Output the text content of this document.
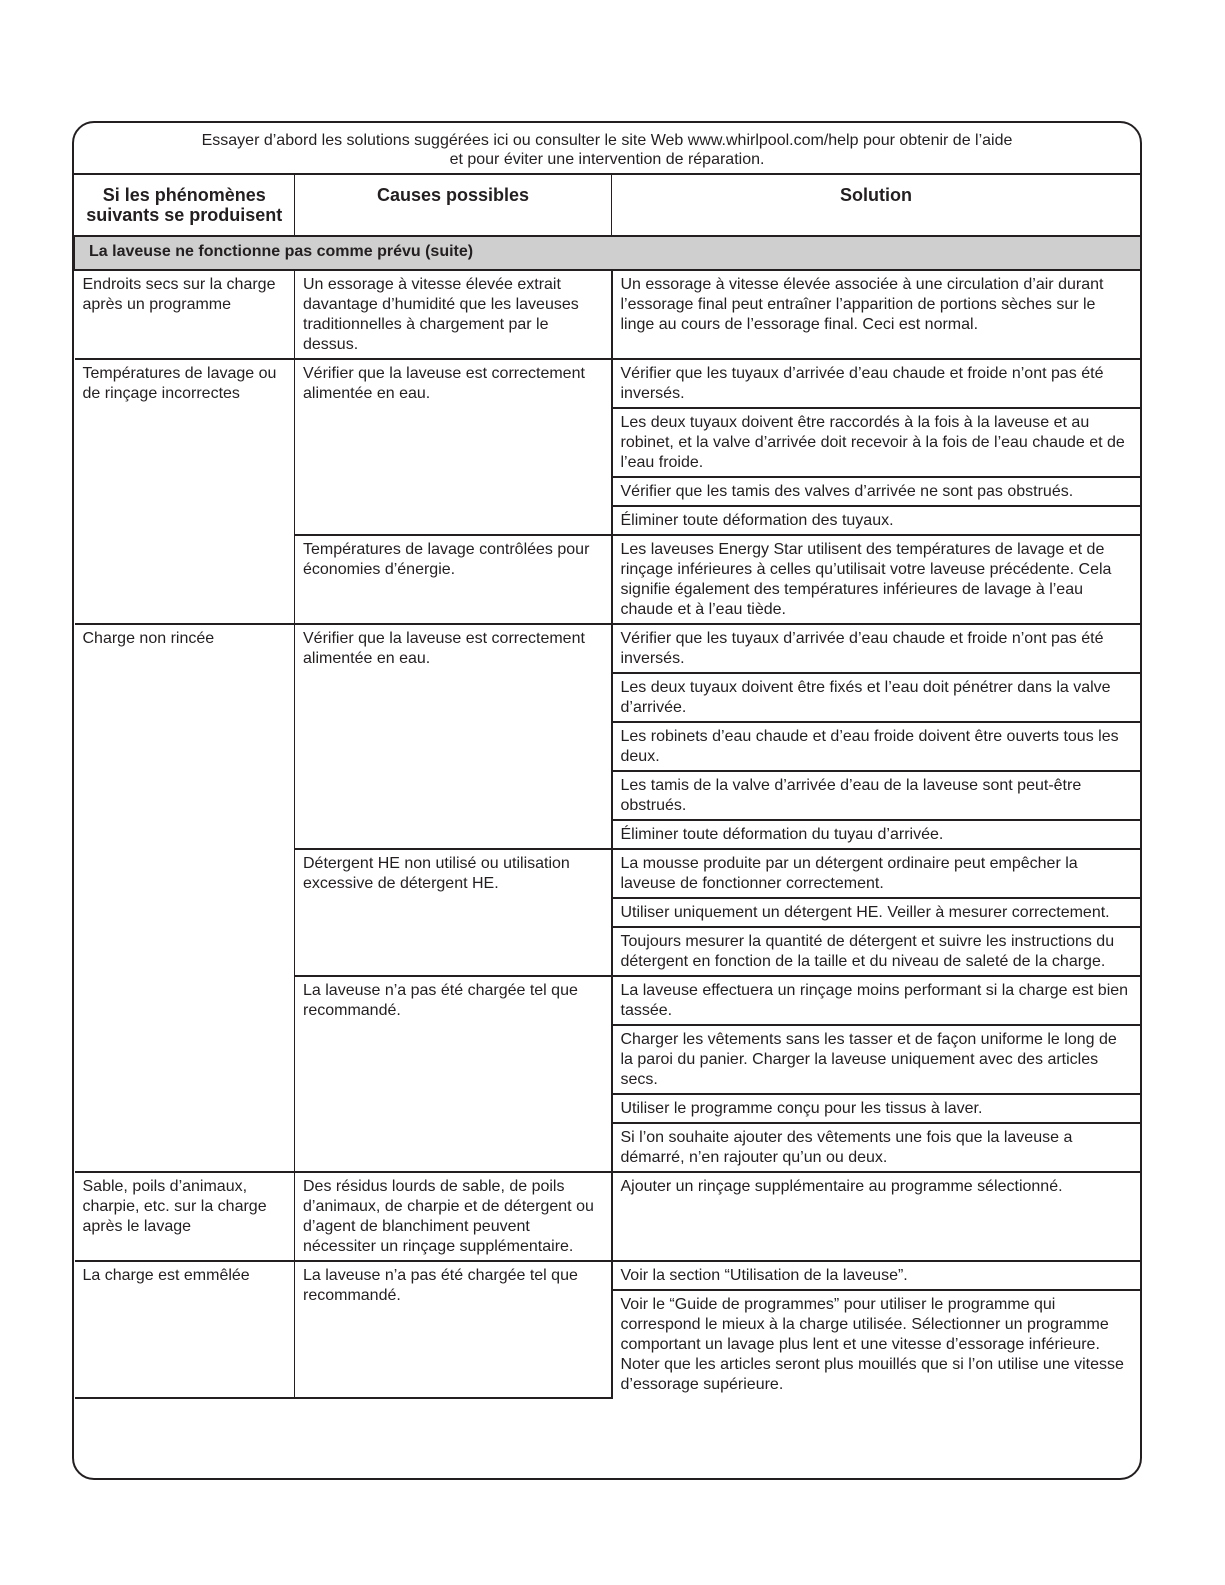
Essayer d’abord les solutions suggérées ici ou consulter le site Web www.whirlpool.com/help pour obtenir de l’aide
et pour éviter une intervention de réparation.
Si les phénomènes
suivants se produisent	Causes possibles	Solution
La laveuse ne fonctionne pas comme prévu (suite)		
Endroits secs sur la charge après un programme	Un essorage à vitesse élevée extrait davantage d’humidité que les laveuses traditionnelles à chargement par le dessus.	Un essorage à vitesse élevée associée à une circulation d’air durant l’essorage final peut entraîner l’apparition de portions sèches sur le linge au cours de l’essorage final. Ceci est normal.
Températures de lavage ou de rinçage incorrectes	Vérifier que la laveuse est correctement alimentée en eau.	Vérifier que les tuyaux d’arrivée d’eau chaude et froide n’ont pas été inversés.
		Les deux tuyaux doivent être raccordés à la fois à la laveuse et au robinet, et la valve d’arrivée doit recevoir à la fois de l’eau chaude et de l’eau froide.
		Vérifier que les tamis des valves d’arrivée ne sont pas obstrués.
		Éliminer toute déformation des tuyaux.
	Températures de lavage contrôlées pour économies d’énergie.	Les laveuses Energy Star utilisent des températures de lavage et de rinçage inférieures à celles qu’utilisait votre laveuse précédente. Cela signifie également des températures inférieures de lavage à l’eau chaude et à l’eau tiède.
Charge non rincée	Vérifier que la laveuse est correctement alimentée en eau.	Vérifier que les tuyaux d’arrivée d’eau chaude et froide n’ont pas été inversés.
		Les deux tuyaux doivent être fixés et l’eau doit pénétrer dans la valve d’arrivée.
		Les robinets d’eau chaude et d’eau froide doivent être ouverts tous les deux.
		Les tamis de la valve d’arrivée d’eau de la laveuse sont peut-être obstrués.
		Éliminer toute déformation du tuyau d’arrivée.
	Détergent HE non utilisé ou utilisation excessive de détergent HE.	La mousse produite par un détergent ordinaire peut empêcher la laveuse de fonctionner correctement.
		Utiliser uniquement un détergent HE. Veiller à mesurer correctement.
		Toujours mesurer la quantité de détergent et suivre les instructions du détergent en fonction de la taille et du niveau de saleté de la charge.
	La laveuse n’a pas été chargée tel que recommandé.	La laveuse effectuera un rinçage moins performant si la charge est bien tassée.
		Charger les vêtements sans les tasser et de façon uniforme le long de la paroi du panier. Charger la laveuse uniquement avec des articles secs.
		Utiliser le programme conçu pour les tissus à laver.
		Si l’on souhaite ajouter des vêtements une fois que la laveuse a démarré, n’en rajouter qu’un ou deux.
Sable, poils d’animaux, charpie, etc. sur la charge après le lavage	Des résidus lourds de sable, de poils d’animaux, de charpie et de détergent ou d’agent de blanchiment peuvent nécessiter un rinçage supplémentaire.	Ajouter un rinçage supplémentaire au programme sélectionné.
La charge est emmêlée	La laveuse n’a pas été chargée tel que recommandé.	Voir la section “Utilisation de la laveuse”.
		Voir le “Guide de programmes” pour utiliser le programme qui correspond le mieux à la charge utilisée. Sélectionner un programme comportant un lavage plus lent et une vitesse d’essorage inférieure. Noter que les articles seront plus mouillés que si l’on utilise une vitesse d’essorage supérieure.
